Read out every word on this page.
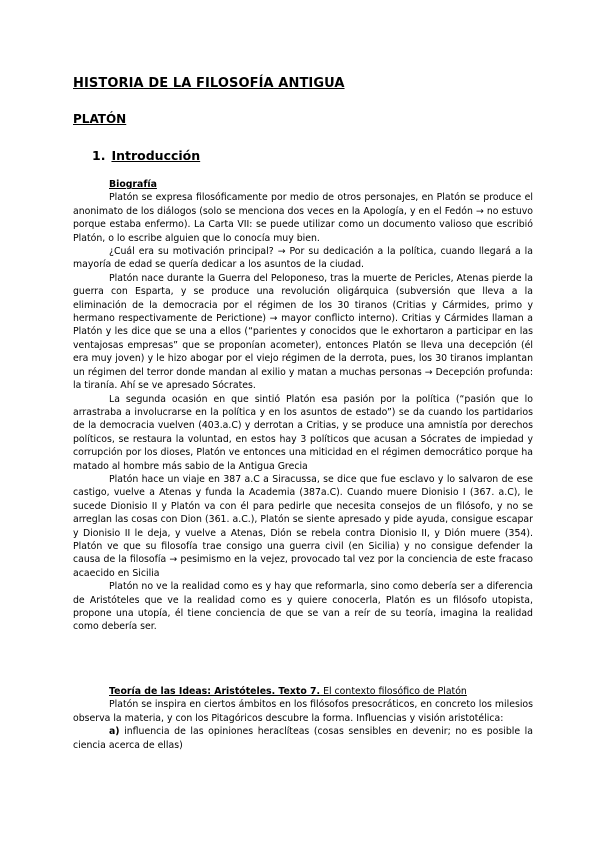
HISTORIA DE LA FILOSOFÍA ANTIGUA
PLATÓN
1. Introducción

Biografía

Platón se expresa filosóficamente por medio de otros personajes, en Platón se produce el anonimato de los diálogos (solo se menciona dos veces en la Apología, y en el Fedón → no estuvo porque estaba enfermo). La Carta VII: se puede utilizar como un documento valioso que escribió Platón, o lo escribe alguien que lo conocía muy bien.

¿Cuál era su motivación principal? → Por su dedicación a la política, cuando llegará a la mayoría de edad se quería dedicar a los asuntos de la ciudad.

Platón nace durante la Guerra del Peloponeso, tras la muerte de Pericles, Atenas pierde la guerra con Esparta, y se produce una revolución oligárquica (subversión que lleva a la eliminación de la democracia por el régimen de los 30 tiranos (Critias y Cármides, primo y hermano respectivamente de Perictione) → mayor conflicto interno). Critias y Cármides llaman a Platón y les dice que se una a ellos (“parientes y conocidos que le exhortaron a participar en las ventajosas empresas” que se proponían acometer), entonces Platón se lleva una decepción (él era muy joven) y le hizo abogar por el viejo régimen de la derrota, pues, los 30 tiranos implantan un régimen del terror donde mandan al exilio y matan a muchas personas → Decepción profunda: la tiranía. Ahí se ve apresado Sócrates.

La segunda ocasión en que sintió Platón esa pasión por la política (“pasión que lo arrastraba a involucrarse en la política y en los asuntos de estado”) se da cuando los partidarios de la democracia vuelven (403.a.C) y derrotan a Critias, y se produce una amnistía por derechos políticos, se restaura la voluntad, en estos hay 3 políticos que acusan a Sócrates de impiedad y corrupción por los dioses, Platón ve entonces una miticidad en el régimen democrático porque ha matado al hombre más sabio de la Antigua Grecia

Platón hace un viaje en 387 a.C a Siracussa, se dice que fue esclavo y lo salvaron de ese castigo, vuelve a Atenas y funda la Academia (387a.C). Cuando muere Dionisio I (367. a.C), le sucede Dionisio II y Platón va con él para pedirle que necesita consejos de un filósofo, y no se arreglan las cosas con Dion (361. a.C.), Platón se siente apresado y pide ayuda, consigue escapar y Dionisio II le deja, y vuelve a Atenas, Dión se rebela contra Dionisio II, y Dión muere (354). Platón ve que su filosofía trae consigo una guerra civil (en Sicilia) y no consigue defender la causa de la filosofía → pesimismo en la vejez, provocado tal vez por la conciencia de este fracaso acaecido en Sicilia

Platón no ve la realidad como es y hay que reformarla, sino como debería ser a diferencia de Aristóteles que ve la realidad como es y quiere conocerla, Platón es un filósofo utopista, propone una utopía, él tiene conciencia de que se van a reír de su teoría, imagina la realidad como debería ser.

Teoría de las Ideas: Aristóteles. Texto 7. El contexto filosófico de Platón

Platón se inspira en ciertos ámbitos en los filósofos presocráticos, en concreto los milesios observa la materia, y con los Pitagóricos descubre la forma. Influencias y visión aristotélica:

a) influencia de las opiniones heraclíteas (cosas sensibles en devenir; no es posible la ciencia acerca de ellas)
